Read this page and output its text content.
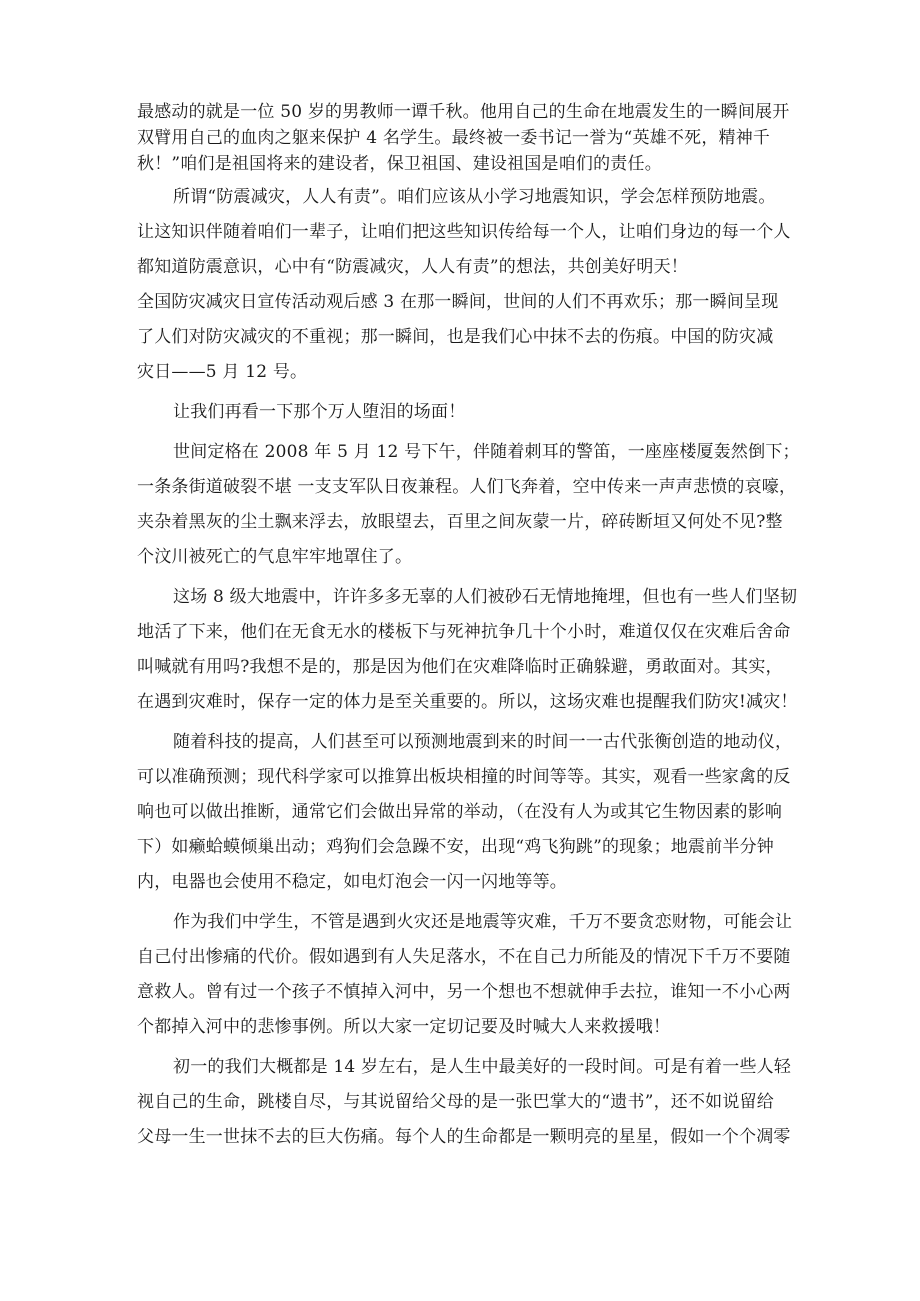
最感动的就是一位 50 岁的男教师一谭千秋。他用自己的生命在地震发生的一瞬间展开
双臂用自己的血肉之躯来保护 4 名学生。最终被一委书记一誉为“英雄不死，精神千
秋！”咱们是祖国将来的建设者，保卫祖国、建设祖国是咱们的责任。
所谓“防震减灾，人人有责”。咱们应该从小学习地震知识，学会怎样预防地震。
让这知识伴随着咱们一辈子，让咱们把这些知识传给每一个人，让咱们身边的每一个人
都知道防震意识，心中有“防震减灾，人人有责”的想法，共创美好明天！
全国防灾减灾日宣传活动观后感 3 在那一瞬间，世间的人们不再欢乐；那一瞬间呈现
了人们对防灾减灾的不重视；那一瞬间，也是我们心中抹不去的伤痕。中国的防灾减
灾日——5 月 12 号。
让我们再看一下那个万人堕泪的场面！
世间定格在 2008 年 5 月 12 号下午，伴随着刺耳的警笛，一座座楼厦轰然倒下；
一条条街道破裂不堪 一支支军队日夜兼程。人们飞奔着，空中传来一声声悲愤的哀嚎，
夹杂着黑灰的尘土飘来浮去，放眼望去，百里之间灰蒙一片，碎砖断垣又何处不见?整
个汶川被死亡的气息牢牢地罩住了。
这场 8 级大地震中，许许多多无辜的人们被砂石无情地掩埋，但也有一些人们坚韧
地活了下来，他们在无食无水的楼板下与死神抗争几十个小时，难道仅仅在灾难后舍命
叫喊就有用吗?我想不是的，那是因为他们在灾难降临时正确躲避，勇敢面对。其实，
在遇到灾难时，保存一定的体力是至关重要的。所以，这场灾难也提醒我们防灾!减灾！
随着科技的提高，人们甚至可以预测地震到来的时间一一古代张衡创造的地动仪，
可以准确预测；现代科学家可以推算出板块相撞的时间等等。其实，观看一些家禽的反
响也可以做出推断，通常它们会做出异常的举动，（在没有人为或其它生物因素的影响
下）如癞蛤蟆倾巢出动；鸡狗们会急躁不安，出现“鸡飞狗跳”的现象；地震前半分钟
内，电器也会使用不稳定，如电灯泡会一闪一闪地等等。
作为我们中学生，不管是遇到火灾还是地震等灾难，千万不要贪恋财物，可能会让
自己付出惨痛的代价。假如遇到有人失足落水，不在自己力所能及的情况下千万不要随
意救人。曾有过一个孩子不慎掉入河中，另一个想也不想就伸手去拉，谁知一不小心两
个都掉入河中的悲惨事例。所以大家一定切记要及时喊大人来救援哦！
初一的我们大概都是 14 岁左右，是人生中最美好的一段时间。可是有着一些人轻
视自己的生命，跳楼自尽，与其说留给父母的是一张巴掌大的“遗书”，还不如说留给
父母一生一世抹不去的巨大伤痛。每个人的生命都是一颗明亮的星星，假如一个个凋零
